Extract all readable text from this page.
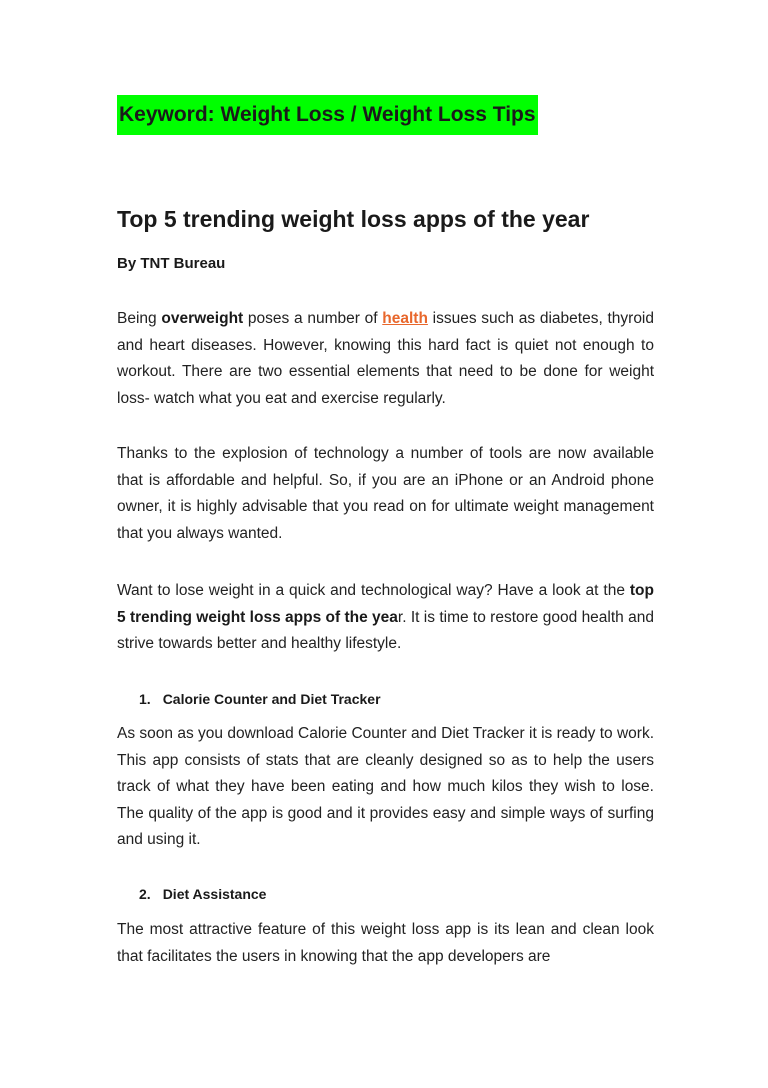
Keyword: Weight Loss / Weight Loss Tips
Top 5 trending weight loss apps of the year
By TNT Bureau

Being overweight poses a number of health issues such as diabetes, thyroid and heart diseases. However, knowing this hard fact is quiet not enough to workout. There are two essential elements that need to be done for weight loss- watch what you eat and exercise regularly.

Thanks to the explosion of technology a number of tools are now available that is affordable and helpful. So, if you are an iPhone or an Android phone owner, it is highly advisable that you read on for ultimate weight management that you always wanted.

Want to lose weight in a quick and technological way? Have a look at the top 5 trending weight loss apps of the year. It is time to restore good health and strive towards better and healthy lifestyle.

1. Calorie Counter and Diet Tracker

As soon as you download Calorie Counter and Diet Tracker it is ready to work. This app consists of stats that are cleanly designed so as to help the users track of what they have been eating and how much kilos they wish to lose. The quality of the app is good and it provides easy and simple ways of surfing and using it.

2. Diet Assistance

The most attractive feature of this weight loss app is its lean and clean look that facilitates the users in knowing that the app developers are
